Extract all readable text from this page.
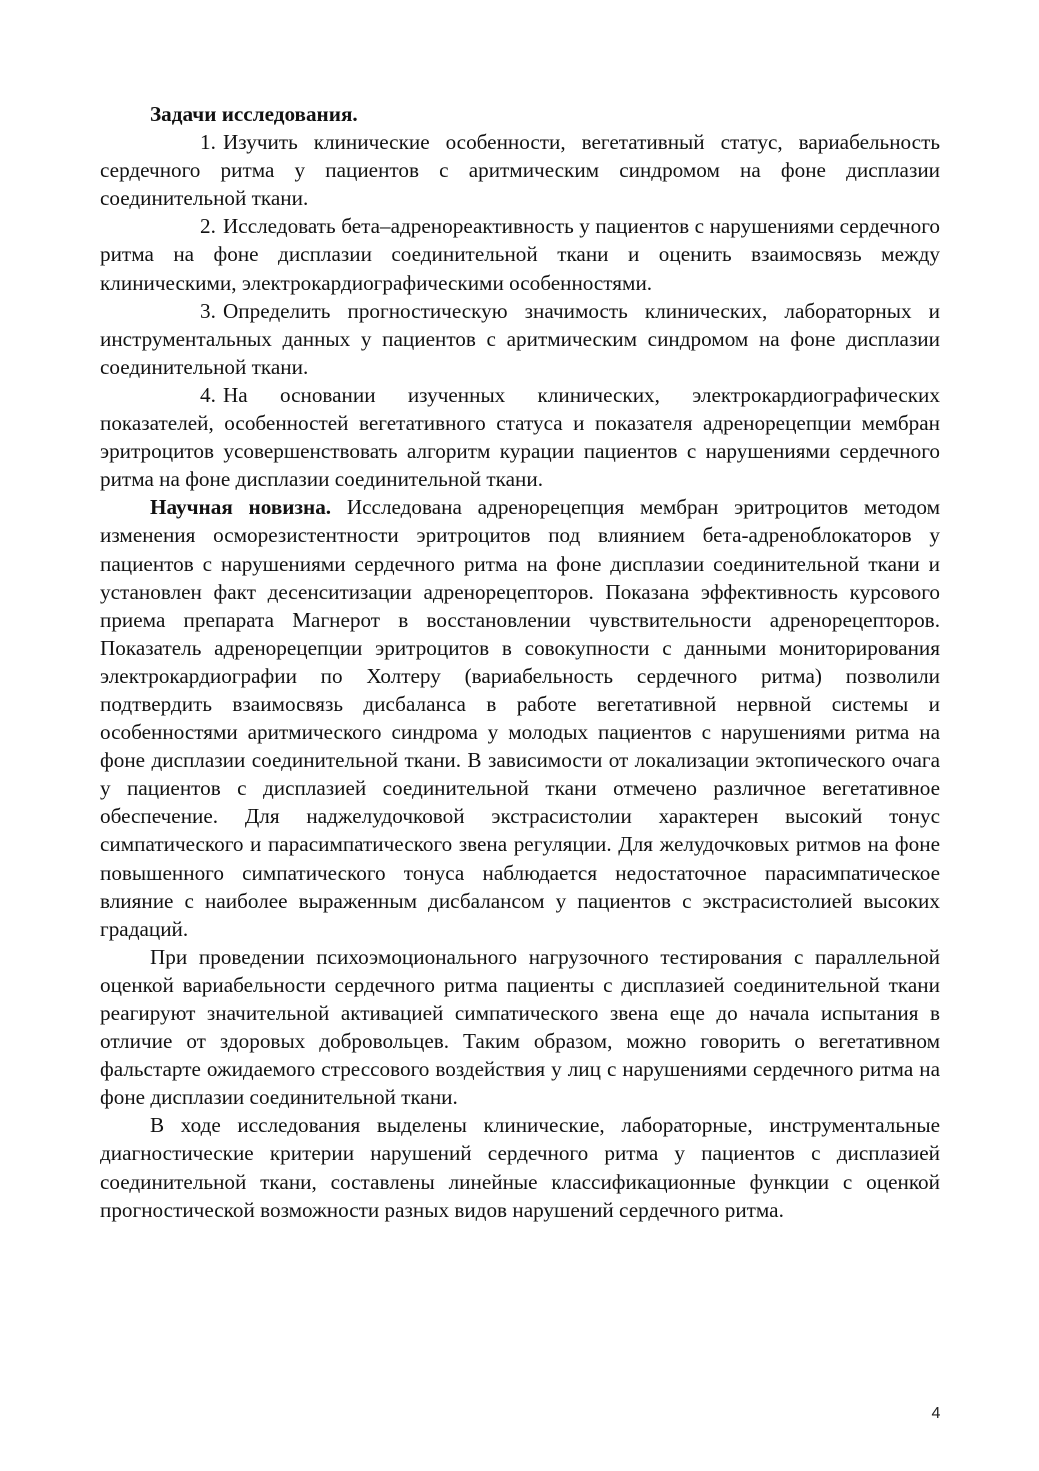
Задачи исследования.

1. Изучить клинические особенности, вегетативный статус, вариабельность сердечного ритма у пациентов с аритмическим синдромом на фоне дисплазии соединительной ткани.

2. Исследовать бета–адренореактивность у пациентов с нарушениями сердечного ритма на фоне дисплазии соединительной ткани и оценить взаимосвязь между клиническими, электрокардиографическими особенностями.

3. Определить прогностическую значимость клинических, лабораторных и инструментальных данных у пациентов с аритмическим синдромом на фоне дисплазии соединительной ткани.

4. На основании изученных клинических, электрокардиографических показателей, особенностей вегетативного статуса и показателя адренорецепции мембран эритроцитов усовершенствовать алгоритм курации пациентов с нарушениями сердечного ритма на фоне дисплазии соединительной ткани.

Научная новизна. Исследована адренорецепция мембран эритроцитов методом изменения осморезистентности эритроцитов под влиянием бета-адреноблокаторов у пациентов с нарушениями сердечного ритма на фоне дисплазии соединительной ткани и установлен факт десенситизации адренорецепторов. Показана эффективность курсового приема препарата Магнерот в восстановлении чувствительности адренорецепторов. Показатель адренорецепции эритроцитов в совокупности с данными мониторирования электрокардиографии по Холтеру (вариабельность сердечного ритма) позволили подтвердить взаимосвязь дисбаланса в работе вегетативной нервной системы и особенностями аритмического синдрома у молодых пациентов с нарушениями ритма на фоне дисплазии соединительной ткани. В зависимости от локализации эктопического очага у пациентов с дисплазией соединительной ткани отмечено различное вегетативное обеспечение. Для наджелудочковой экстрасистолии характерен высокий тонус симпатического и парасимпатического звена регуляции. Для желудочковых ритмов на фоне повышенного симпатического тонуса наблюдается недостаточное парасимпатическое влияние с наиболее выраженным дисбалансом у пациентов с экстрасистолией высоких градаций.

При проведении психоэмоционального нагрузочного тестирования с параллельной оценкой вариабельности сердечного ритма пациенты с дисплазией соединительной ткани реагируют значительной активацией симпатического звена еще до начала испытания в отличие от здоровых добровольцев. Таким образом, можно говорить о вегетативном фальстарте ожидаемого стрессового воздействия у лиц с нарушениями сердечного ритма на фоне дисплазии соединительной ткани.

В ходе исследования выделены клинические, лабораторные, инструментальные диагностические критерии нарушений сердечного ритма у пациентов с дисплазией соединительной ткани, составлены линейные классификационные функции с оценкой прогностической возможности разных видов нарушений сердечного ритма.

4
